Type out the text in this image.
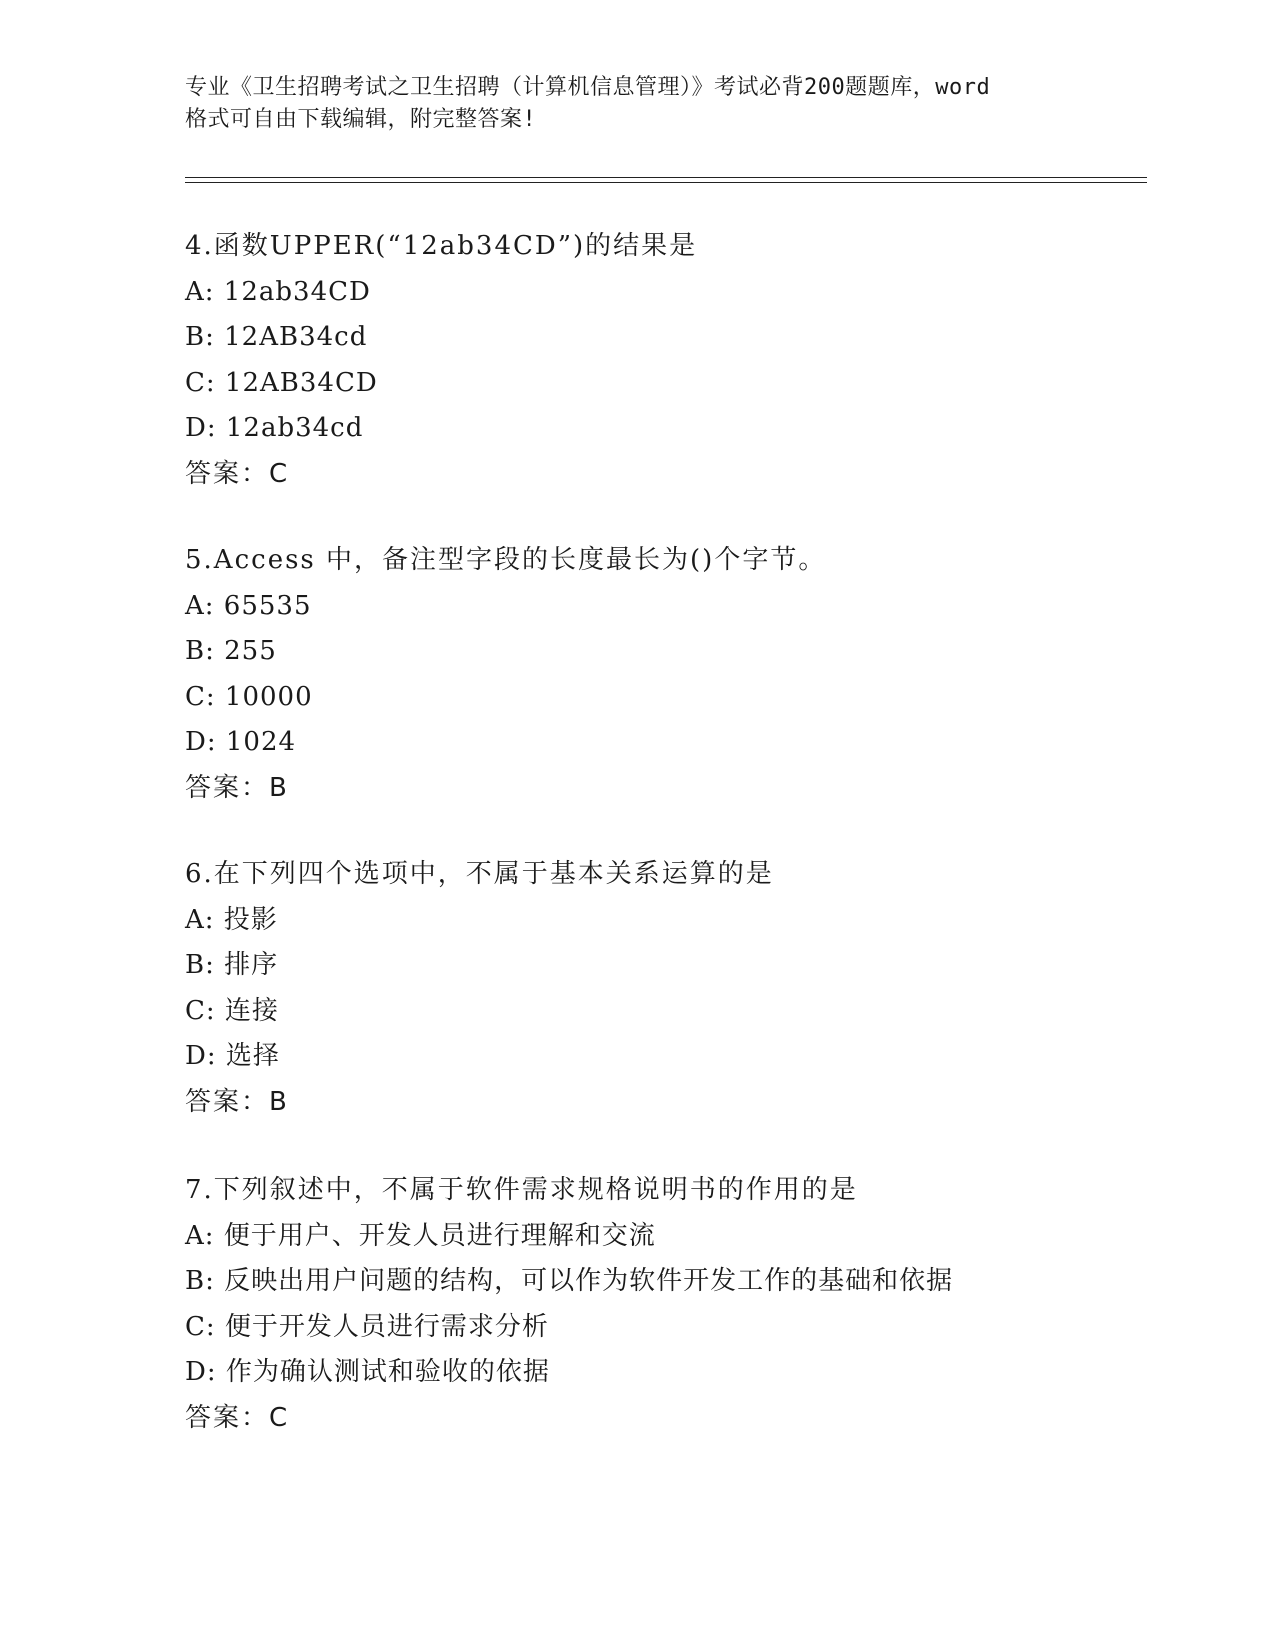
专业《卫生招聘考试之卫生招聘（计算机信息管理）》考试必背200题题库，word
格式可自由下载编辑，附完整答案!
4.函数UPPER(“12ab34CD”)的结果是
A: 12ab34CD
B: 12AB34cd
C: 12AB34CD
D: 12ab34cd
答案：C
5.Access 中，备注型字段的长度最长为()个字节。
A: 65535
B: 255
C: 10000
D: 1024
答案：B
6.在下列四个选项中，不属于基本关系运算的是
A: 投影
B: 排序
C: 连接
D: 选择
答案：B
7.下列叙述中，不属于软件需求规格说明书的作用的是
A: 便于用户、开发人员进行理解和交流
B: 反映出用户问题的结构，可以作为软件开发工作的基础和依据
C: 便于开发人员进行需求分析
D: 作为确认测试和验收的依据
答案：C
